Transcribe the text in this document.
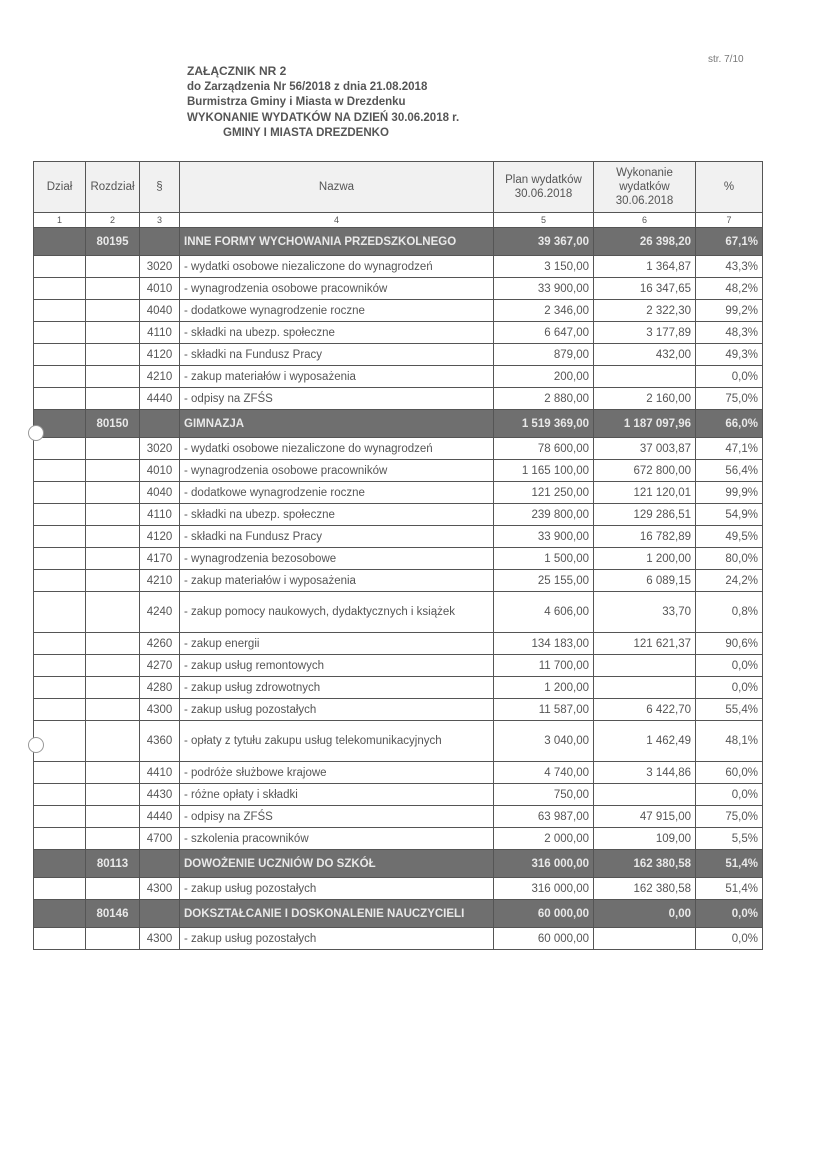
str. 7/10
ZAŁĄCZNIK NR 2
do Zarządzenia Nr 56/2018 z dnia 21.08.2018
Burmistrza Gminy i Miasta w Drezdenku
WYKONANIE WYDATKÓW NA DZIEŃ 30.06.2018 r.
GMINY I MIASTA DREZDENKO
Dział	Rozdział	§	Nazwa	Plan wydatków 30.06.2018	Wykonanie wydatków 30.06.2018	%
1	2	3	4	5	6	7
	80195		INNE FORMY WYCHOWANIA PRZEDSZKOLNEGO	39 367,00	26 398,20	67,1%
		3020	- wydatki osobowe niezaliczone do wynagrodzeń	3 150,00	1 364,87	43,3%
		4010	- wynagrodzenia osobowe pracowników	33 900,00	16 347,65	48,2%
		4040	- dodatkowe wynagrodzenie roczne	2 346,00	2 322,30	99,2%
		4110	- składki na ubezp. społeczne	6 647,00	3 177,89	48,3%
		4120	- składki na Fundusz Pracy	879,00	432,00	49,3%
		4210	- zakup materiałów i wyposażenia	200,00		0,0%
		4440	- odpisy na ZFŚS	2 880,00	2 160,00	75,0%
	80150		GIMNAZJA	1 519 369,00	1 187 097,96	66,0%
		3020	- wydatki osobowe niezaliczone do wynagrodzeń	78 600,00	37 003,87	47,1%
		4010	- wynagrodzenia osobowe pracowników	1 165 100,00	672 800,00	56,4%
		4040	- dodatkowe wynagrodzenie roczne	121 250,00	121 120,01	99,9%
		4110	- składki na ubezp. społeczne	239 800,00	129 286,51	54,9%
		4120	- składki na Fundusz Pracy	33 900,00	16 782,89	49,5%
		4170	- wynagrodzenia bezosobowe	1 500,00	1 200,00	80,0%
		4210	- zakup materiałów i wyposażenia	25 155,00	6 089,15	24,2%
		4240	- zakup pomocy naukowych, dydaktycznych i książek	4 606,00	33,70	0,8%
		4260	- zakup energii	134 183,00	121 621,37	90,6%
		4270	- zakup usług remontowych	11 700,00		0,0%
		4280	- zakup usług zdrowotnych	1 200,00		0,0%
		4300	- zakup usług pozostałych	11 587,00	6 422,70	55,4%
		4360	- opłaty z tytułu zakupu usług telekomunikacyjnych	3 040,00	1 462,49	48,1%
		4410	- podróże służbowe krajowe	4 740,00	3 144,86	60,0%
		4430	- różne opłaty i składki	750,00		0,0%
		4440	- odpisy na ZFŚS	63 987,00	47 915,00	75,0%
		4700	- szkolenia pracowników	2 000,00	109,00	5,5%
	80113		DOWOŻENIE UCZNIÓW DO SZKÓŁ	316 000,00	162 380,58	51,4%
		4300	- zakup usług pozostałych	316 000,00	162 380,58	51,4%
	80146		DOKSZTAŁCANIE I DOSKONALENIE NAUCZYCIELI	60 000,00	0,00	0,0%
		4300	- zakup usług pozostałych	60 000,00		0,0%
